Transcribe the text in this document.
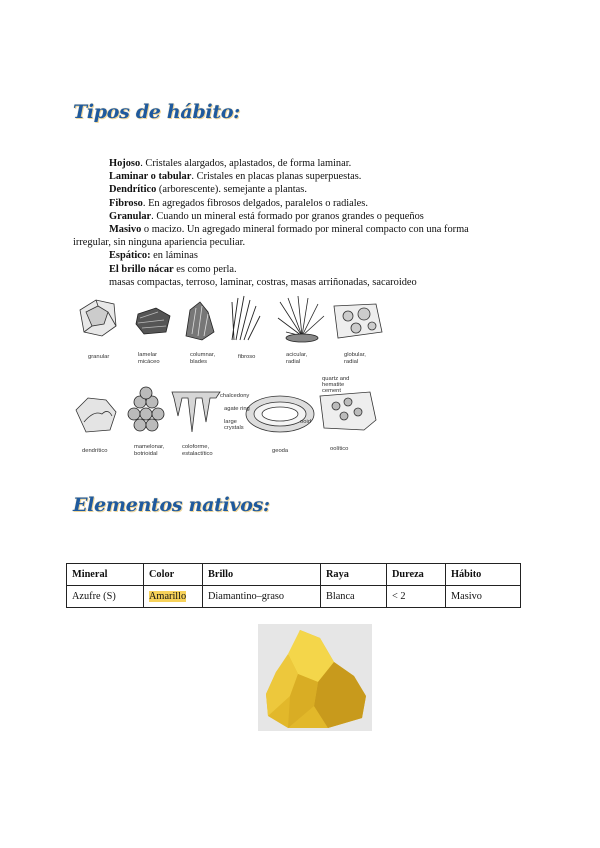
Tipos de hábito:
Hojoso. Cristales alargados, aplastados, de forma laminar.
Laminar o tabular. Cristales en placas planas superpuestas.
Dendrítico (arborescente). semejante a plantas.
Fibroso. En agregados fibrosos delgados, paralelos o radiales.
Granular. Cuando un mineral está formado por granos grandes o pequeños
Masivo o macizo. Un agregado mineral formado por mineral compacto con una forma
irregular, sin ninguna apariencia peculiar.
Espático: en láminas
El brillo nácar es como perla.
masas compactas, terroso, laminar, costras, masas arriñonadas, sacaroideo
granular	lamelar
micáceo
columnar,
blades
fibroso	acicular,
radial
globular,
radial
dendrítico
mamelonar,
botrioidal
coloforme,
estalactítico
chalcedony
agate ring
large
crystals
geoda
quartz and
hematite
cement
ooid
oolítico
Elementos nativos:
Mineral	Color	Brillo	Raya	Dureza	Hábito
Azufre (S)	Amarillo	Diamantino–graso	Blanca	< 2	Masivo
